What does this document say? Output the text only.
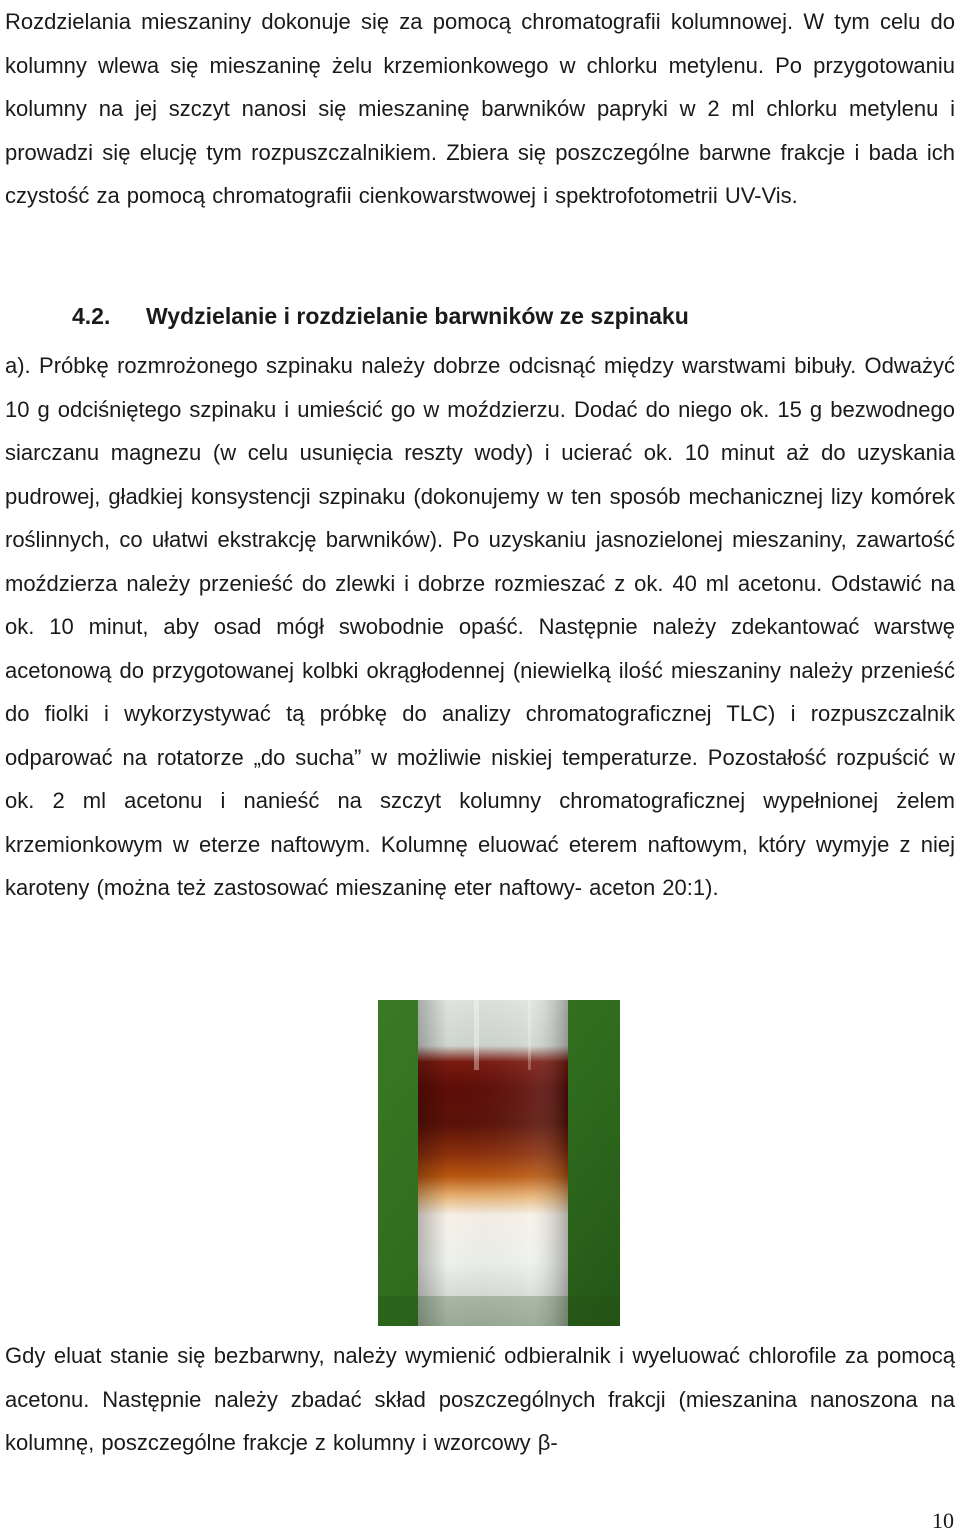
Rozdzielania mieszaniny dokonuje się za pomocą chromatografii kolumnowej. W tym celu do kolumny wlewa się mieszaninę żelu krzemionkowego w chlorku metylenu. Po przygotowaniu kolumny na jej szczyt nanosi się mieszaninę barwników papryki w 2 ml chlorku metylenu i prowadzi się elucję tym rozpuszczalnikiem. Zbiera się poszczególne barwne frakcje i bada ich czystość za pomocą chromatografii cienkowarstwowej i spektrofotometrii UV-Vis.

4.2. Wydzielanie i rozdzielanie barwników ze szpinaku

a). Próbkę rozmrożonego szpinaku należy dobrze odcisnąć między warstwami bibuły. Odważyć 10 g odciśniętego szpinaku i umieścić go w moździerzu. Dodać do niego ok. 15 g bezwodnego siarczanu magnezu (w celu usunięcia reszty wody) i ucierać ok. 10 minut aż do uzyskania pudrowej, gładkiej konsystencji szpinaku (dokonujemy w ten sposób mechanicznej lizy komórek roślinnych, co ułatwi ekstrakcję barwników). Po uzyskaniu jasnozielonej mieszaniny, zawartość moździerza należy przenieść do zlewki i dobrze rozmieszać z ok. 40 ml acetonu. Odstawić na ok. 10 minut, aby osad mógł swobodnie opaść. Następnie należy zdekantować warstwę acetonową do przygotowanej kolbki okrągłodennej (niewielką ilość mieszaniny należy przenieść do fiolki i wykorzystywać tą próbkę do analizy chromatograficznej TLC) i rozpuszczalnik odparować na rotatorze „do sucha” w możliwie niskiej temperaturze. Pozostałość rozpuścić w ok. 2 ml acetonu i nanieść na szczyt kolumny chromatograficznej wypełnionej żelem krzemionkowym w eterze naftowym. Kolumnę eluować eterem naftowym, który wymyje z niej karoteny (można też zastosować mieszaninę eter naftowy- aceton 20:1).

Gdy eluat stanie się bezbarwny, należy wymienić odbieralnik i wyeluować chlorofile za pomocą acetonu. Następnie należy zbadać skład poszczególnych frakcji (mieszanina nanoszona na kolumnę, poszczególne frakcje z kolumny i wzorcowy β-

10
